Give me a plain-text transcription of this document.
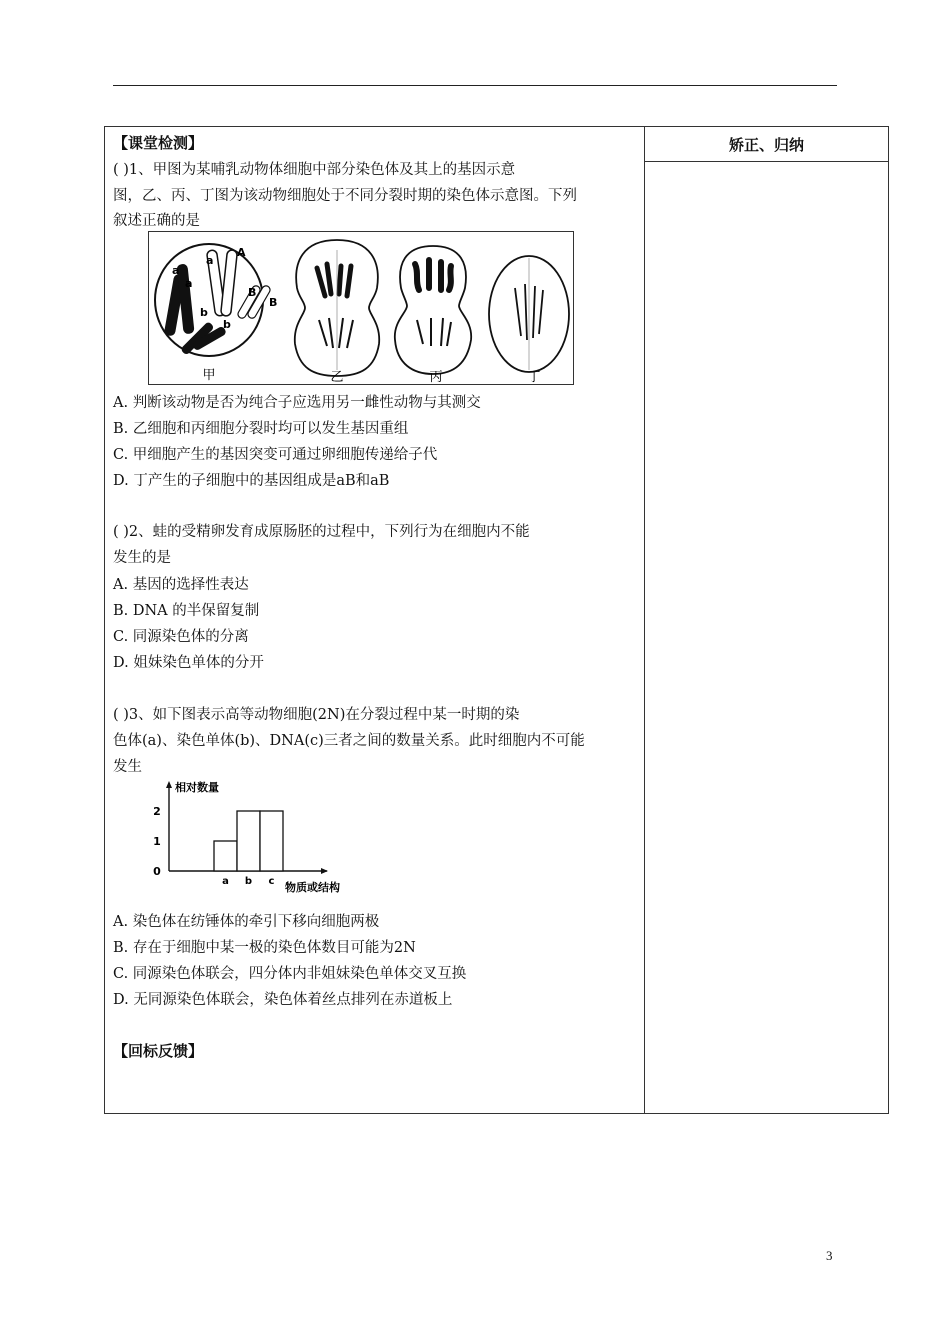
矫正、归纳
【课堂检测】
( )1、甲图为某哺乳动物体细胞中部分染色体及其上的基因示意
图，乙、丙、丁图为该动物细胞处于不同分裂时期的染色体示意图。下列
叙述正确的是
A
a
a
a
B
B
b
b
甲	乙	丙	丁
A. 判断该动物是否为纯合子应选用另一雌性动物与其测交
B. 乙细胞和丙细胞分裂时均可以发生基因重组
C. 甲细胞产生的基因突变可通过卵细胞传递给子代
D. 丁产生的子细胞中的基因组成是aB和aB
( )2、蛙的受精卵发育成原肠胚的过程中，下列行为在细胞内不能
发生的是
A. 基因的选择性表达
B. DNA 的半保留复制
C. 同源染色体的分离
D. 姐妹染色单体的分开
( )3、如下图表示高等动物细胞(2N)在分裂过程中某一时期的染
色体(a)、染色单体(b)、DNA(c)三者之间的数量关系。此时细胞内不可能
发生
相对数量
物质或结构
0
1
2
a b c
A. 染色体在纺锤体的牵引下移向细胞两极
B. 存在于细胞中某一极的染色体数目可能为2N
C. 同源染色体联会，四分体内非姐妹染色单体交叉互换
D. 无同源染色体联会，染色体着丝点排列在赤道板上
【回标反馈】
3
